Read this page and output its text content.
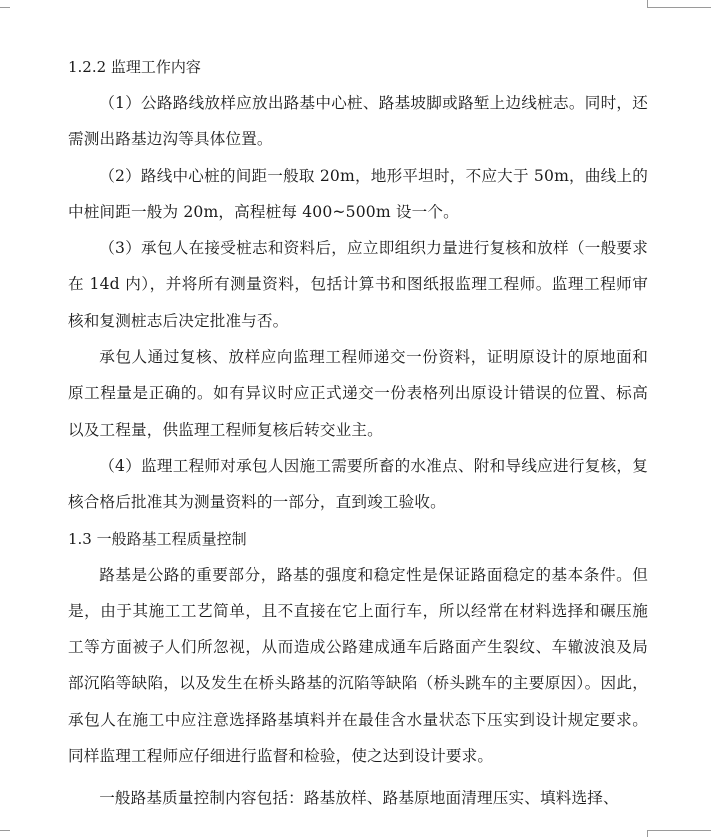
1.2.2 监理工作内容

（1）公路路线放样应放出路基中心桩、路基坡脚或路堑上边线桩志。同时，还需测出路基边沟等具体位置。

（2）路线中心桩的间距一般取 20m，地形平坦时，不应大于 50m，曲线上的中桩间距一般为 20m，高程桩每 400~500m 设一个。

（3）承包人在接受桩志和资料后，应立即组织力量进行复核和放样（一般要求在 14d 内），并将所有测量资料，包括计算书和图纸报监理工程师。监理工程师审核和复测桩志后决定批准与否。

承包人通过复核、放样应向监理工程师递交一份资料，证明原设计的原地面和原工程量是正确的。如有异议时应正式递交一份表格列出原设计错误的位置、标高以及工程量，供监理工程师复核后转交业主。

（4）监理工程师对承包人因施工需要所畜的水准点、附和导线应进行复核，复核合格后批准其为测量资料的一部分，直到竣工验收。

1.3 一般路基工程质量控制

路基是公路的重要部分，路基的强度和稳定性是保证路面稳定的基本条件。但是，由于其施工工艺简单，且不直接在它上面行车，所以经常在材料选择和碾压施工等方面被子人们所忽视，从而造成公路建成通车后路面产生裂纹、车辙波浪及局部沉陷等缺陷，以及发生在桥头路基的沉陷等缺陷（桥头跳车的主要原因）。因此，承包人在施工中应注意选择路基填料并在最佳含水量状态下压实到设计规定要求。同样监理工程师应仔细进行监督和检验，使之达到设计要求。

一般路基质量控制内容包括：路基放样、路基原地面清理压实、填料选择、
